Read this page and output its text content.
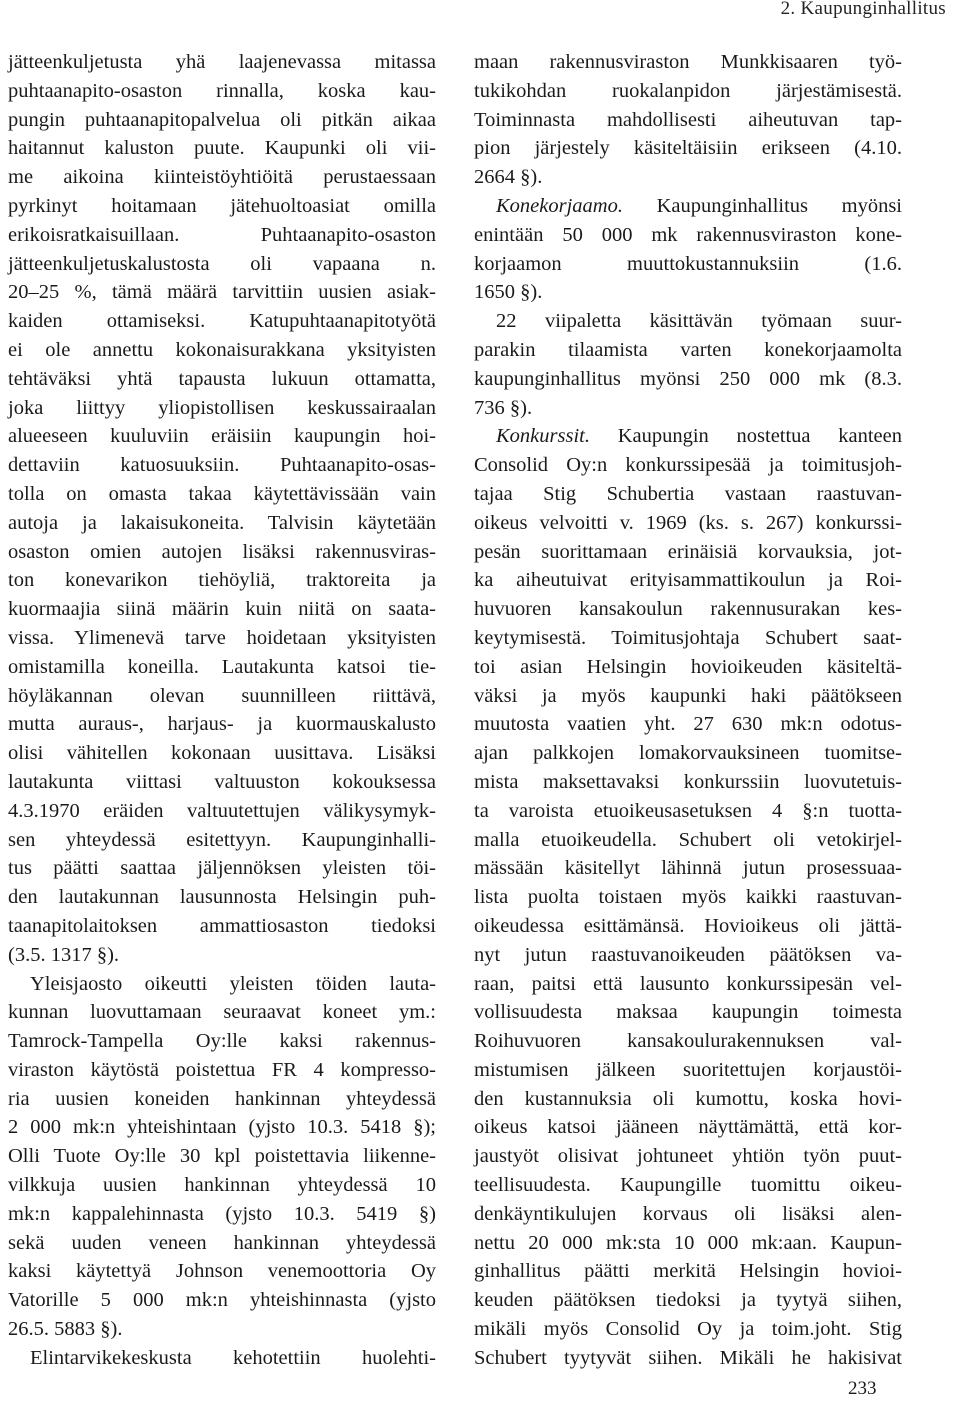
2. Kaupunginhallitus
jätteenkuljetusta yhä laajenevassa mitassa
puhtaanapito-osaston rinnalla, koska kau-
pungin puhtaanapitopalvelua oli pitkän aikaa
haitannut kaluston puute. Kaupunki oli vii-
me aikoina kiinteistöyhtiöitä perustaessaan
pyrkinyt hoitamaan jätehuoltoasiat omilla
erikoisratkaisuillaan. Puhtaanapito-osaston
jätteenkuljetuskalustosta oli vapaana n.
20–25 %, tämä määrä tarvittiin uusien asiak-
kaiden ottamiseksi. Katupuhtaanapitotyötä
ei ole annettu kokonaisurakkana yksityisten
tehtäväksi yhtä tapausta lukuun ottamatta,
joka liittyy yliopistollisen keskussairaalan
alueeseen kuuluviin eräisiin kaupungin hoi-
dettaviin katuosuuksiin. Puhtaanapito-osas-
tolla on omasta takaa käytettävissään vain
autoja ja lakaisukoneita. Talvisin käytetään
osaston omien autojen lisäksi rakennusviras-
ton konevarikon tiehöyliä, traktoreita ja
kuormaajia siinä määrin kuin niitä on saata-
vissa. Ylimenevä tarve hoidetaan yksityisten
omistamilla koneilla. Lautakunta katsoi tie-
höyläkannan olevan suunnilleen riittävä,
mutta auraus-, harjaus- ja kuormauskalusto
olisi vähitellen kokonaan uusittava. Lisäksi
lautakunta viittasi valtuuston kokouksessa
4.3.1970 eräiden valtuutettujen välikysymyk-
sen yhteydessä esitettyyn. Kaupunginhalli-
tus päätti saattaa jäljennöksen yleisten töi-
den lautakunnan lausunnosta Helsingin puh-
taanapitolaitoksen ammattiosaston tiedoksi
(3.5. 1317 §).
Yleisjaosto oikeutti yleisten töiden lauta-
kunnan luovuttamaan seuraavat koneet ym.:
Tamrock-Tampella Oy:lle kaksi rakennus-
viraston käytöstä poistettua FR 4 kompresso-
ria uusien koneiden hankinnan yhteydessä
2 000 mk:n yhteishintaan (yjsto 10.3. 5418 §);
Olli Tuote Oy:lle 30 kpl poistettavia liikenne-
vilkkuja uusien hankinnan yhteydessä 10
mk:n kappalehinnasta (yjsto 10.3. 5419 §)
sekä uuden veneen hankinnan yhteydessä
kaksi käytettyä Johnson venemoottoria Oy
Vatorille 5 000 mk:n yhteishinnasta (yjsto
26.5. 5883 §).
Elintarvikekeskusta kehotettiin huolehti-
maan rakennusviraston Munkkisaaren työ-
tukikohdan ruokalanpidon järjestämisestä.
Toiminnasta mahdollisesti aiheutuvan tap-
pion järjestely käsiteltäisiin erikseen (4.10.
2664 §).
Konekorjaamo. Kaupunginhallitus myönsi
enintään 50 000 mk rakennusviraston kone-
korjaamon muuttokustannuksiin (1.6.
1650 §).
22 viipaletta käsittävän työmaan suur-
parakin tilaamista varten konekorjaamolta
kaupunginhallitus myönsi 250 000 mk (8.3.
736 §).
Konkurssit. Kaupungin nostettua kanteen
Consolid Oy:n konkurssipesää ja toimitusjoh-
tajaa Stig Schubertia vastaan raastuvan-
oikeus velvoitti v. 1969 (ks. s. 267) konkurssi-
pesän suorittamaan erinäisiä korvauksia, jot-
ka aiheutuivat erityisammattikoulun ja Roi-
huvuoren kansakoulun rakennusurakan kes-
keytymisestä. Toimitusjohtaja Schubert saat-
toi asian Helsingin hovioikeuden käsiteltä-
väksi ja myös kaupunki haki päätökseen
muutosta vaatien yht. 27 630 mk:n odotus-
ajan palkkojen lomakorvauksineen tuomitse-
mista maksettavaksi konkurssiin luovutetuis-
ta varoista etuoikeusasetuksen 4 §:n tuotta-
malla etuoikeudella. Schubert oli vetokirjel-
mässään käsitellyt lähinnä jutun prosessuaa-
lista puolta toistaen myös kaikki raastuvan-
oikeudessa esittämänsä. Hovioikeus oli jättä-
nyt jutun raastuvanoikeuden päätöksen va-
raan, paitsi että lausunto konkurssipesän vel-
vollisuudesta maksaa kaupungin toimesta
Roihuvuoren kansakoulurakennuksen val-
mistumisen jälkeen suoritettujen korjaustöi-
den kustannuksia oli kumottu, koska hovi-
oikeus katsoi jääneen näyttämättä, että kor-
jaustyöt olisivat johtuneet yhtiön työn puut-
teellisuudesta. Kaupungille tuomittu oikeu-
denkäyntikulujen korvaus oli lisäksi alen-
nettu 20 000 mk:sta 10 000 mk:aan. Kaupun-
ginhallitus päätti merkitä Helsingin hovioi-
keuden päätöksen tiedoksi ja tyytyä siihen,
mikäli myös Consolid Oy ja toim.joht. Stig
Schubert tyytyvät siihen. Mikäli he hakisivat
233
